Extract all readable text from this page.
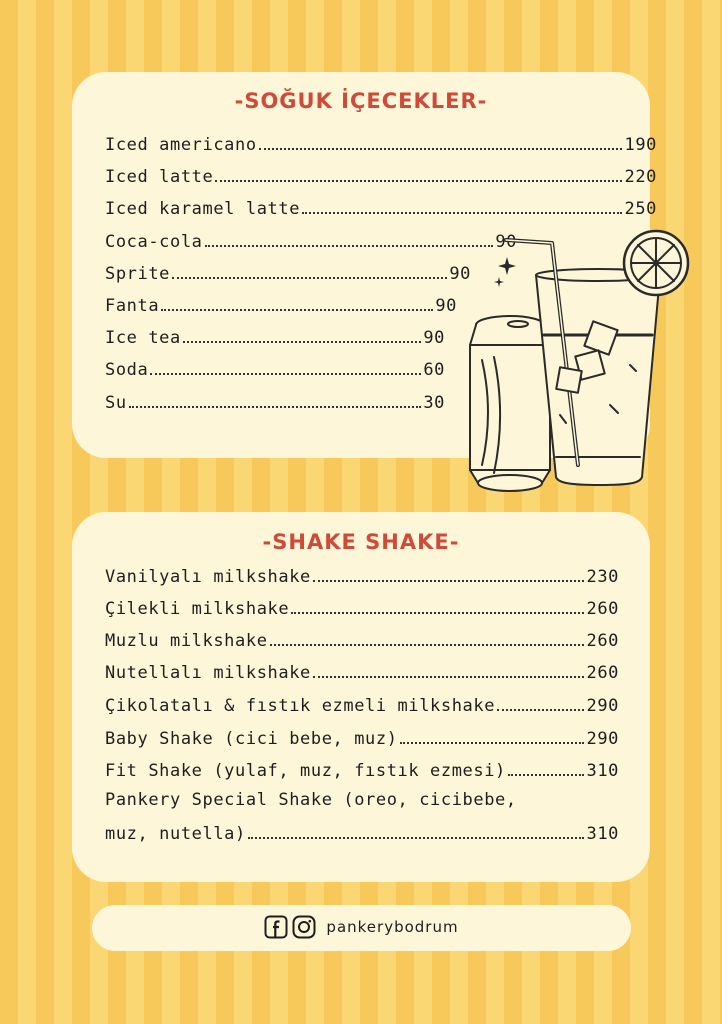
-SOĞUK İÇECEKLER-
Iced americano	190
Iced latte	220
Iced karamel latte	250
Coca-cola	90
Sprite	90
Fanta	90
Ice tea	90
Soda	60
Su	30
-SHAKE SHAKE-
Vanilyalı milkshake	230
Çilekli milkshake	260
Muzlu milkshake	260
Nutellalı milkshake	260
Çikolatalı & fıstık ezmeli milkshake	290
Baby Shake (cici bebe, muz)	290
Fit Shake (yulaf, muz, fıstık ezmesi)	310
Pankery Special Shake (oreo, cicibebe,
muz, nutella)	310
pankerybodrum
